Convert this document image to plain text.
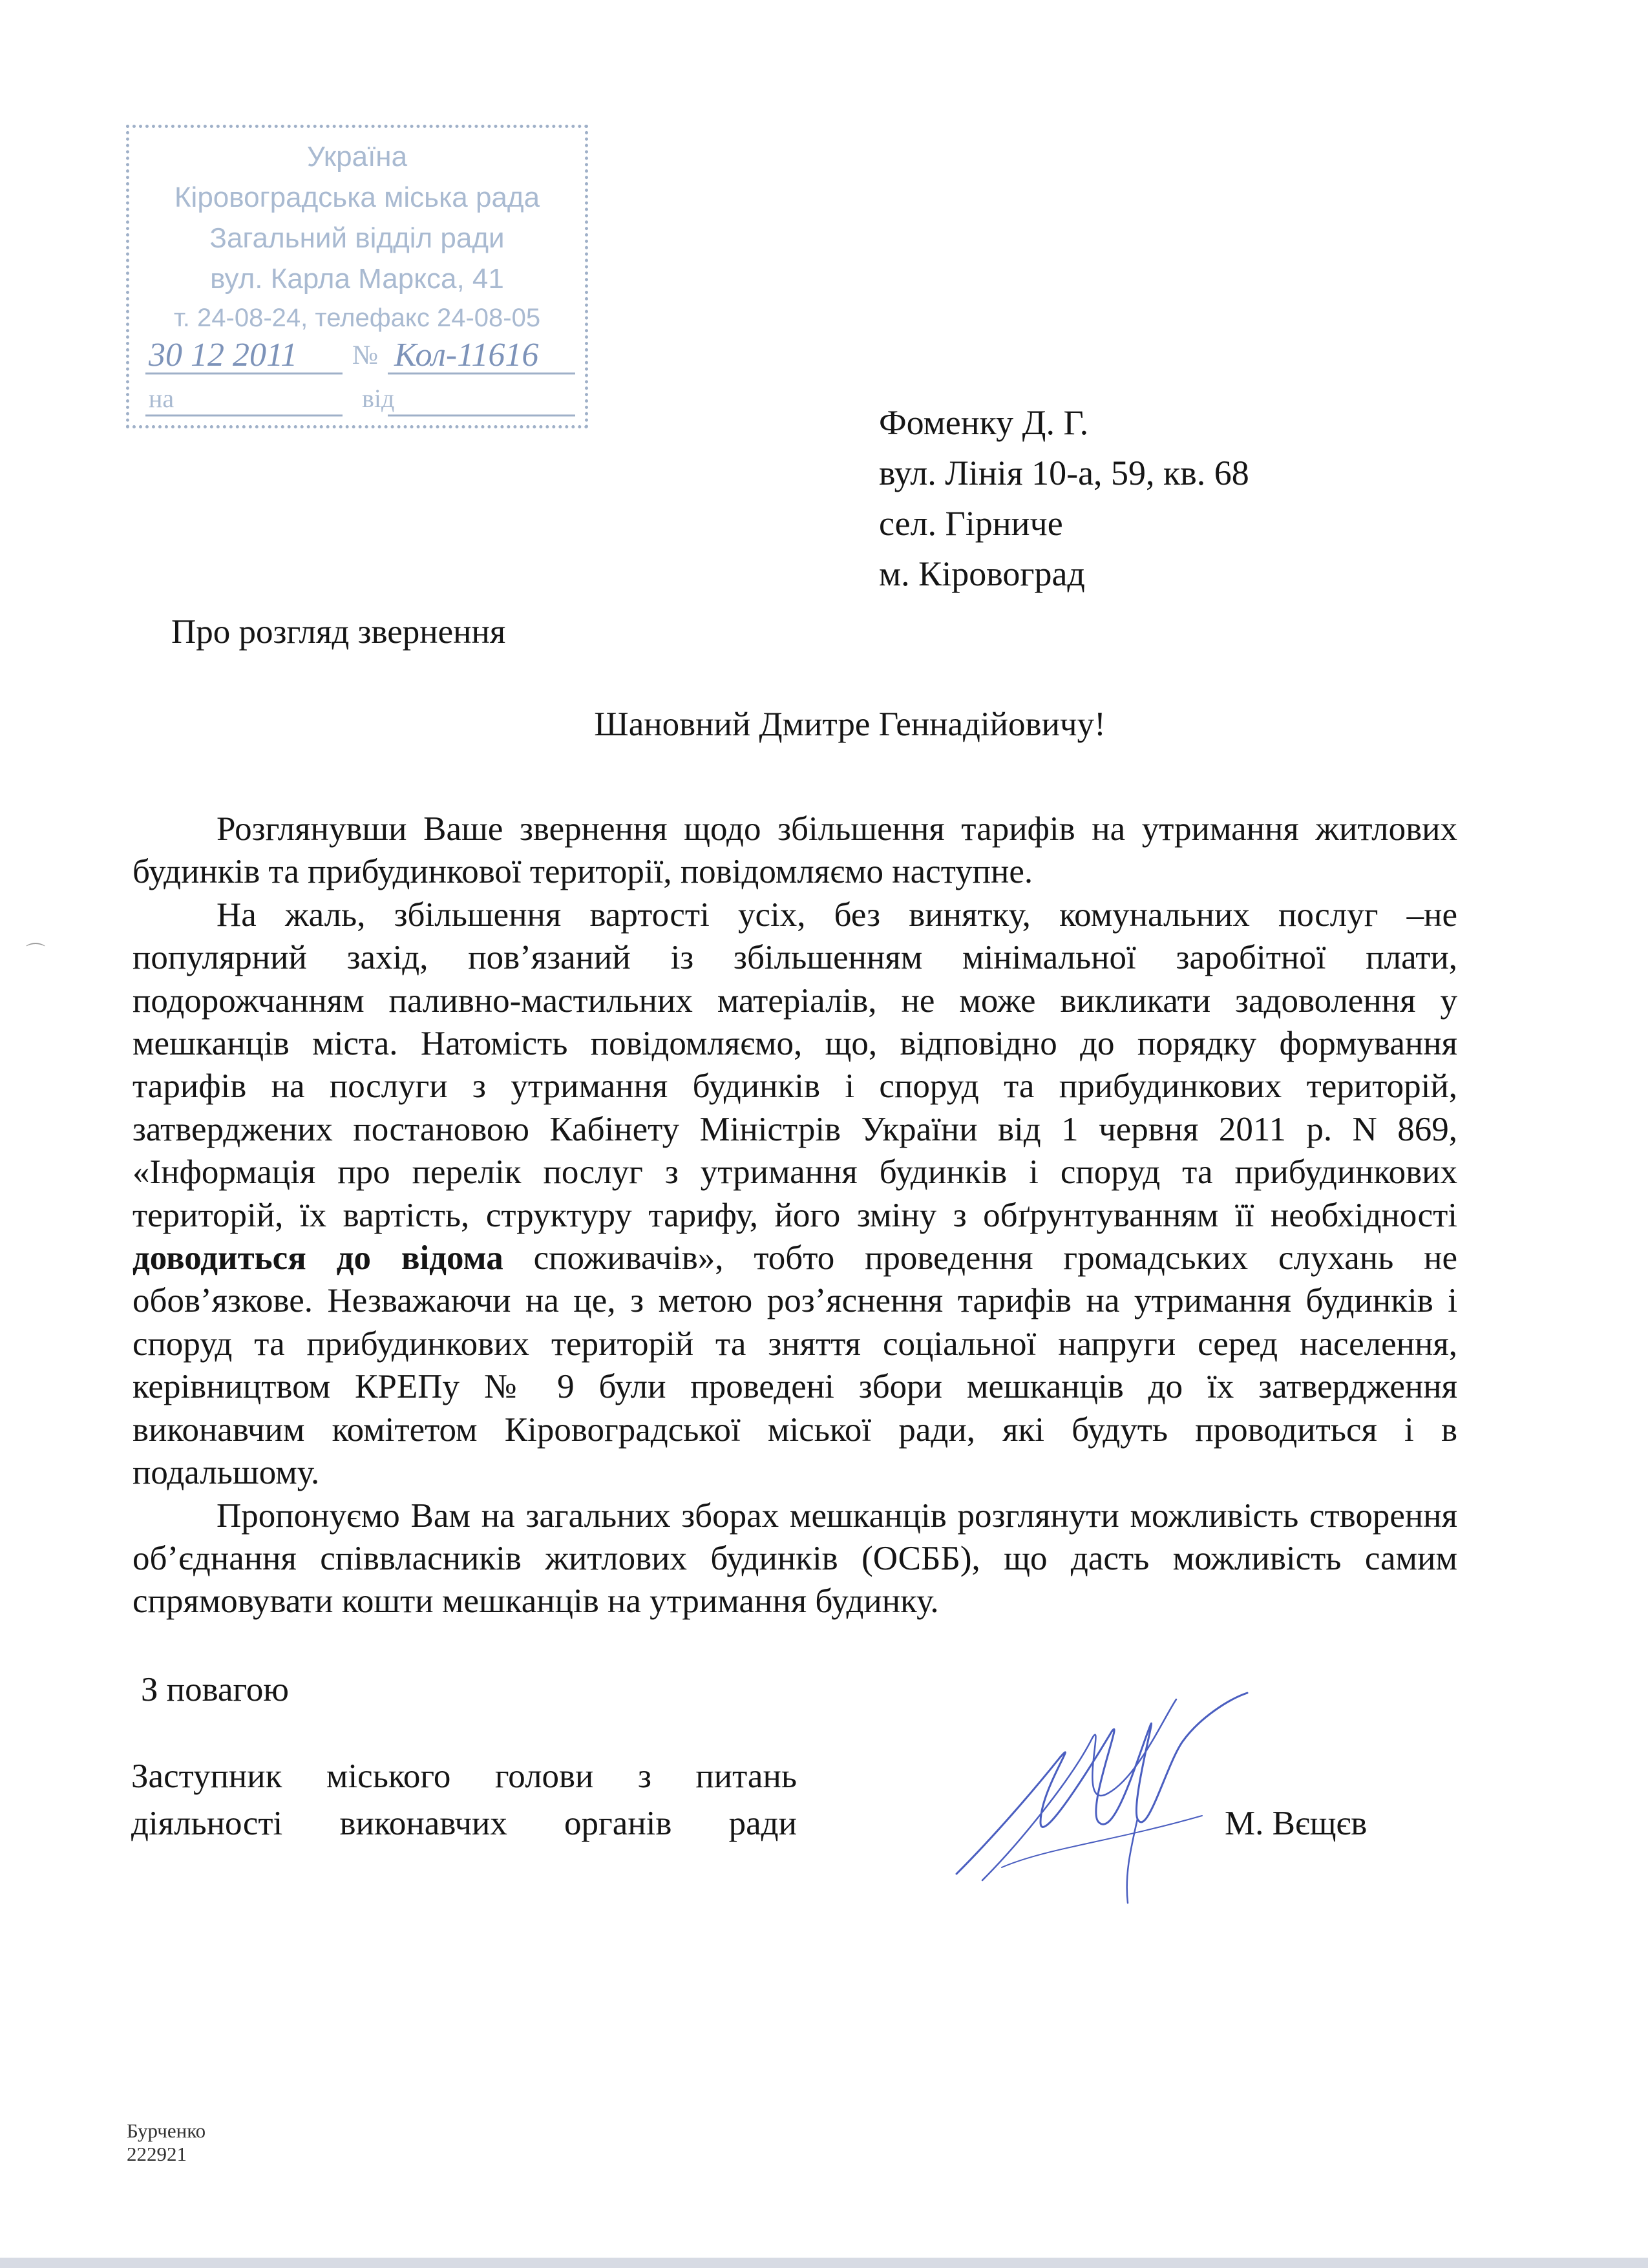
Україна
Кіровоградська міська рада
Загальний відділ ради
вул. Карла Маркса, 41
т. 24-08-24, телефакс 24-08-05
30 12 2011 № Кол-11616
на	від
Фоменку Д. Г.
вул. Лінія 10-а, 59, кв. 68
сел. Гірниче
м. Кіровоград
Про розгляд звернення
Шановний Дмитре Геннадійовичу!

Розглянувши Ваше звернення щодо збільшення тарифів на утримання житлових будинків та прибудинкової території, повідомляємо наступне.

На жаль, збільшення вартості усіх, без винятку, комунальних послуг –не популярний захід, пов’язаний із збільшенням мінімальної заробітної плати, подорожчанням паливно-мастильних матеріалів, не може викликати задоволення у мешканців міста. Натомість повідомляємо, що, відповідно до порядку формування тарифів на послуги з утримання будинків і споруд та прибудинкових територій, затверджених постановою Кабінету Міністрів України від 1 червня 2011 р. N 869, «Інформація про перелік послуг з утримання будинків і споруд та прибудинкових територій, їх вартість, структуру тарифу, його зміну з обґрунтуванням її необхідності доводиться до відома споживачів», тобто проведення громадських слухань не обов’язкове. Незважаючи на це, з метою роз’яснення тарифів на утримання будинків і споруд та прибудинкових територій та зняття соціальної напруги серед населення, керівництвом КРЕПу № 9 були проведені збори мешканців до їх затвердження виконавчим комітетом Кіровоградської міської ради, які будуть проводиться і в подальшому.

Пропонуємо Вам на загальних зборах мешканців розглянути можливість створення об’єднання співвласників житлових будинків (ОСББ), що дасть можливість самим спрямовувати кошти мешканців на утримання будинку.

З повагою
Заступник міського голови з питань
діяльності виконавчих органів ради	М. Вєщєв
Бурченко
222921
⌒
